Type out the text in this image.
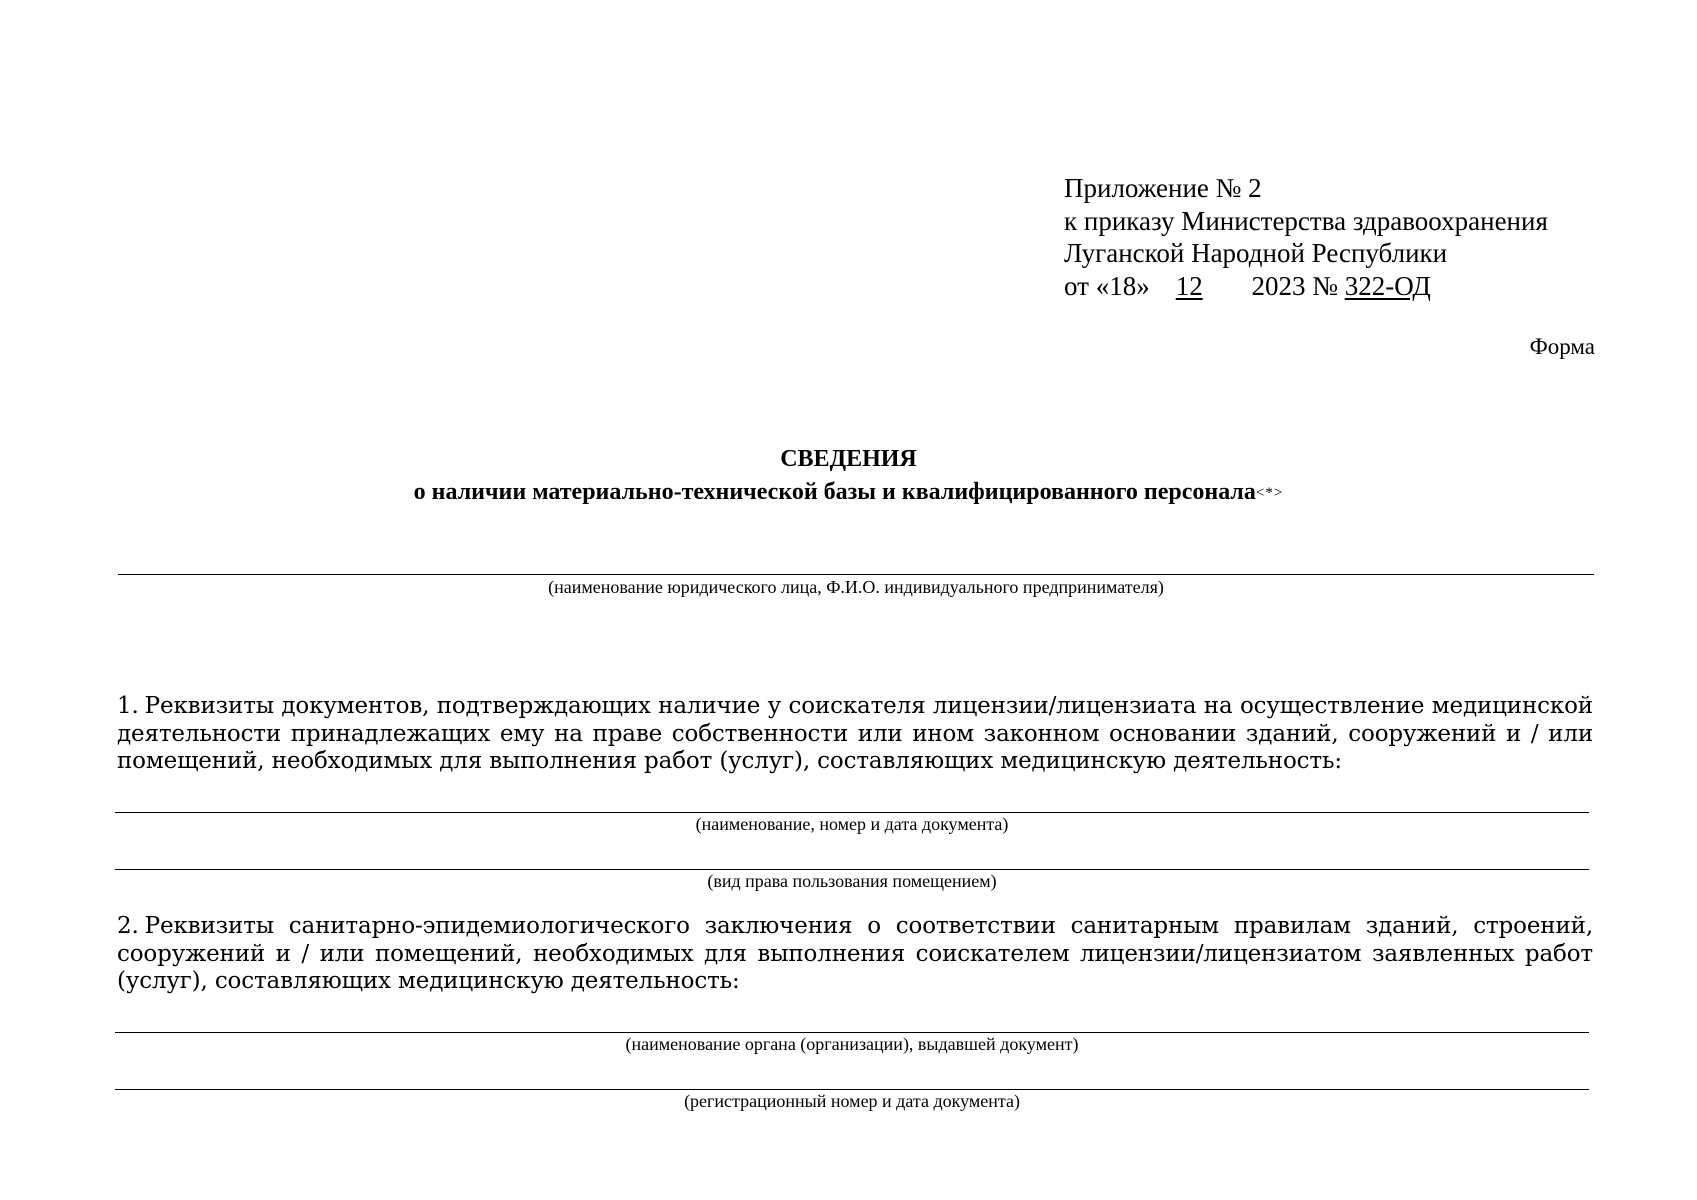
Приложение № 2
к приказу Министерства здравоохранения
Луганской Народной Республики
от «18» 12 2023 № 322-ОД
Форма
СВЕДЕНИЯ
о наличии материально-технической базы и квалифицированного персонала<*>
(наименование юридического лица, Ф.И.О. индивидуального предпринимателя)
1. Реквизиты документов, подтверждающих наличие у соискателя лицензии/лицензиата на осуществление медицинской деятельности принадлежащих ему на праве собственности или ином законном основании зданий, сооружений и / или помещений, необходимых для выполнения работ (услуг), составляющих медицинскую деятельность:
(наименование, номер и дата документа)
(вид права пользования помещением)
2. Реквизиты санитарно-эпидемиологического заключения о соответствии санитарным правилам зданий, строений, сооружений и / или помещений, необходимых для выполнения соискателем лицензии/лицензиатом заявленных работ (услуг), составляющих медицинскую деятельность:
(наименование органа (организации), выдавшей документ)
(регистрационный номер и дата документа)
